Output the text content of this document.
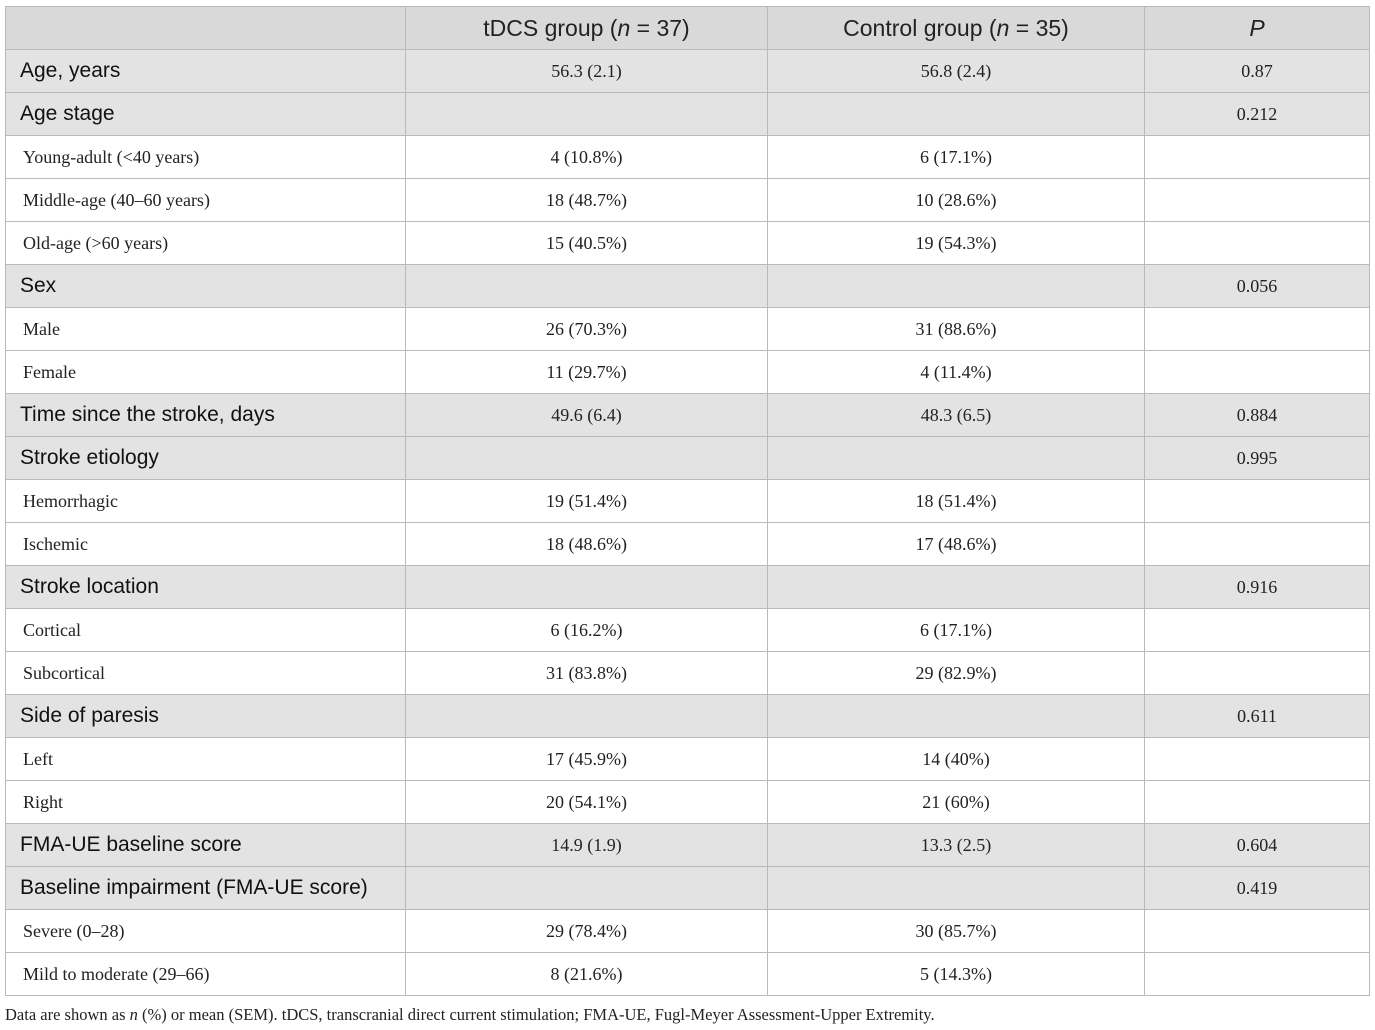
	tDCS group (n = 37)	Control group (n = 35)	P
Age, years	56.3 (2.1)	56.8 (2.4)	0.87
Age stage			0.212
Young-adult (<40 years)	4 (10.8%)	6 (17.1%)	
Middle-age (40–60 years)	18 (48.7%)	10 (28.6%)	
Old-age (>60 years)	15 (40.5%)	19 (54.3%)	
Sex			0.056
Male	26 (70.3%)	31 (88.6%)	
Female	11 (29.7%)	4 (11.4%)	
Time since the stroke, days	49.6 (6.4)	48.3 (6.5)	0.884
Stroke etiology			0.995
Hemorrhagic	19 (51.4%)	18 (51.4%)	
Ischemic	18 (48.6%)	17 (48.6%)	
Stroke location			0.916
Cortical	6 (16.2%)	6 (17.1%)	
Subcortical	31 (83.8%)	29 (82.9%)	
Side of paresis			0.611
Left	17 (45.9%)	14 (40%)	
Right	20 (54.1%)	21 (60%)	
FMA-UE baseline score	14.9 (1.9)	13.3 (2.5)	0.604
Baseline impairment (FMA-UE score)			0.419
Severe (0–28)	29 (78.4%)	30 (85.7%)	
Mild to moderate (29–66)	8 (21.6%)	5 (14.3%)	
Data are shown as n (%) or mean (SEM). tDCS, transcranial direct current stimulation; FMA-UE, Fugl-Meyer Assessment-Upper Extremity.
